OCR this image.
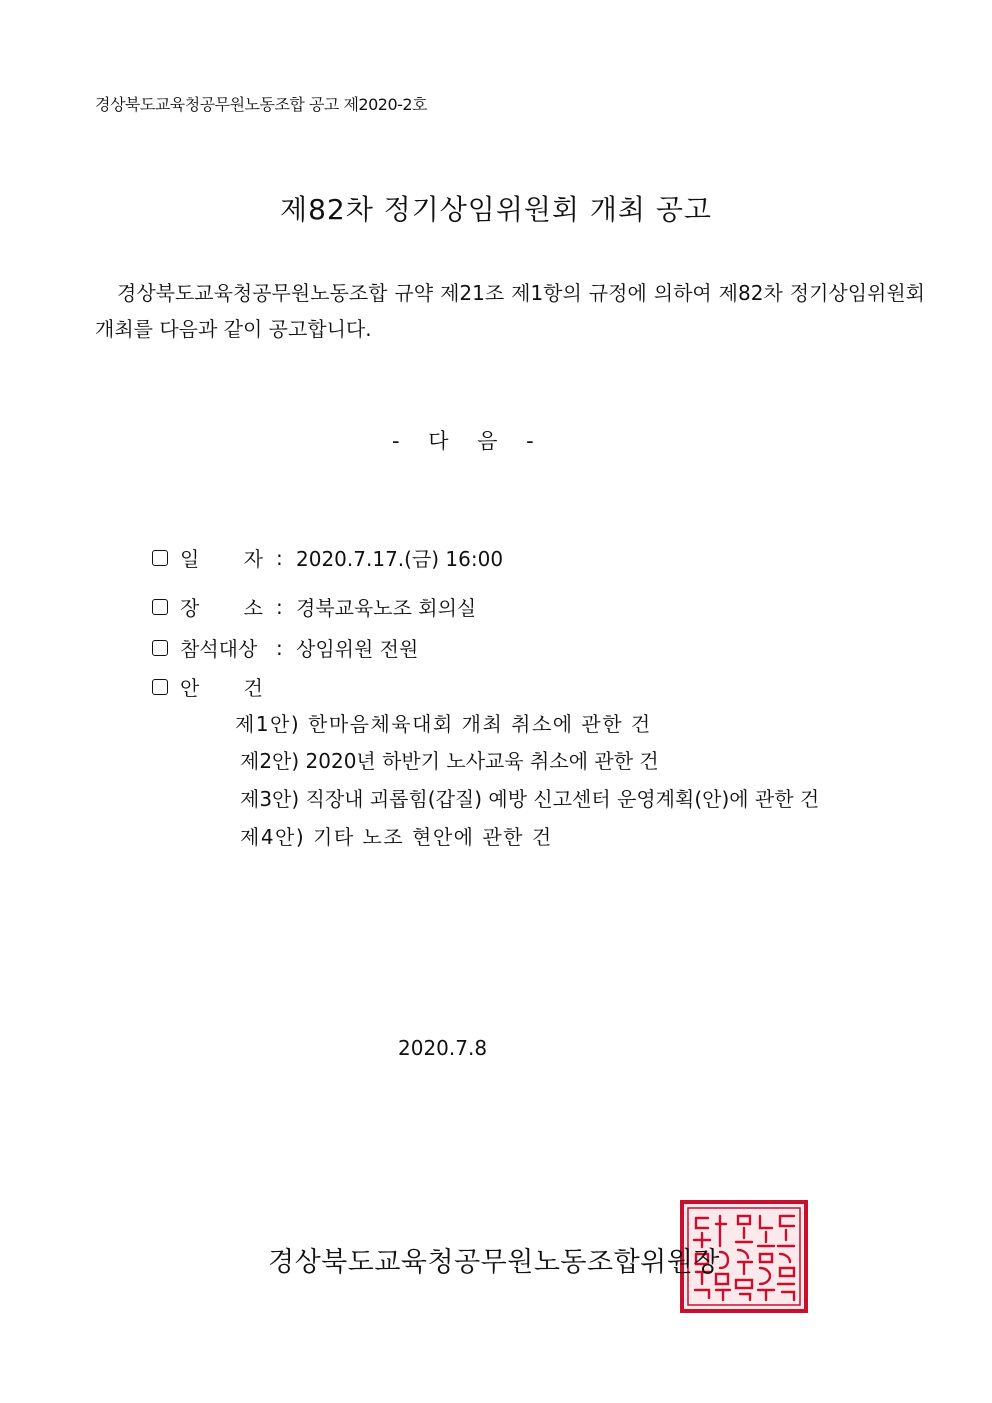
경상북도교육청공무원노동조합 공고 제2020-2호
제82차 정기상임위원회 개최 공고
경상북도교육청공무원노동조합 규약 제21조 제1항의 규정에 의하여 제82차 정기상임위원회 개최를 다음과 같이 공고합니다.
- 다 음 -
일 자 : 2020.7.17.(금) 16:00
장 소 : 경북교육노조 회의실
참석대상 : 상임위원 전원
안 건
제1안) 한마음체육대회 개최 취소에 관한 건
제2안) 2020년 하반기 노사교육 취소에 관한 건
제3안) 직장내 괴롭힘(갑질) 예방 신고센터 운영계획(안)에 관한 건
제4안) 기타 노조 현안에 관한 건
2020.7.8
경상북도교육청공무원노동조합위원장
